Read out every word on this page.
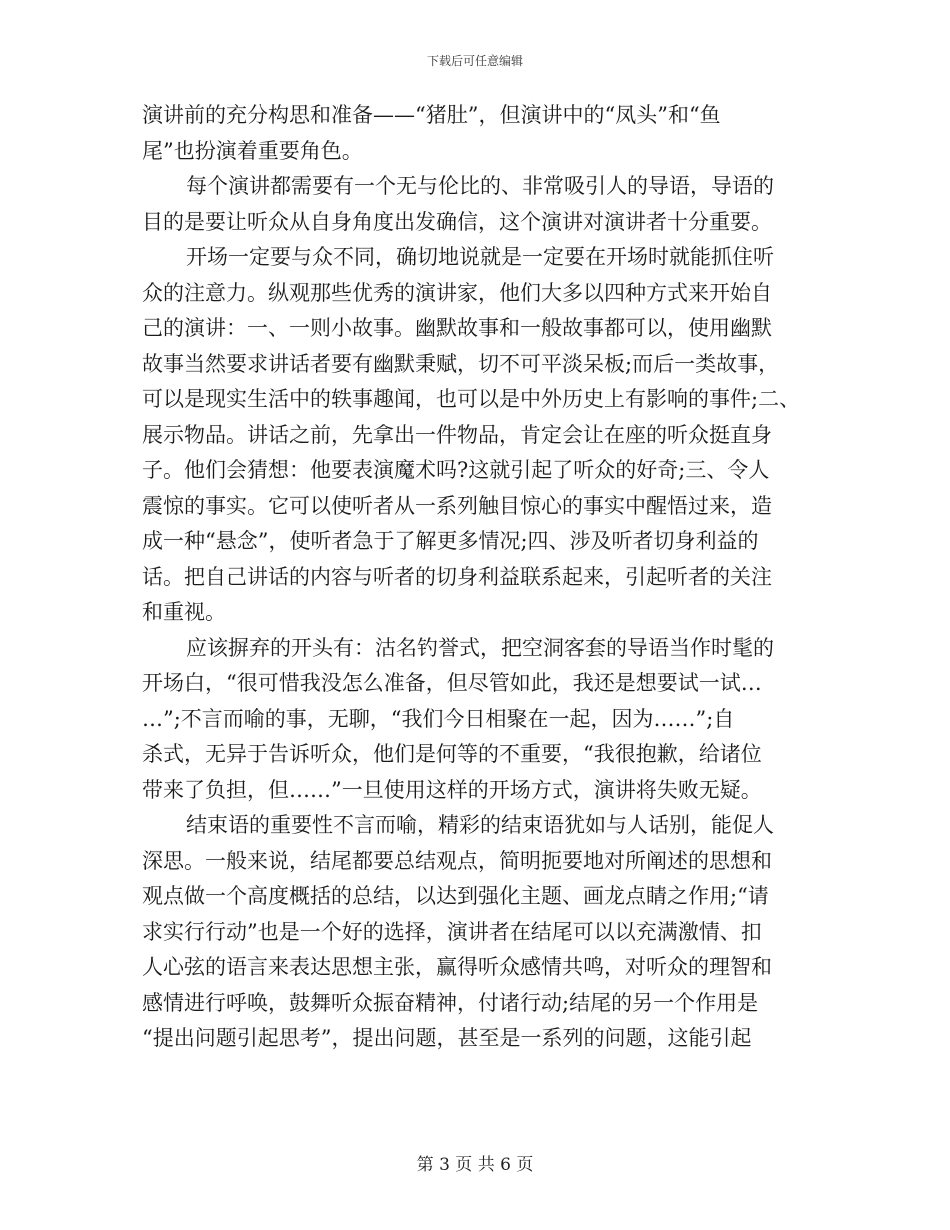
下载后可任意编辑
演讲前的充分构思和准备——“猪肚”，但演讲中的“凤头”和“鱼
尾”也扮演着重要角色。
每个演讲都需要有一个无与伦比的、非常吸引人的导语，导语的
目的是要让听众从自身角度出发确信，这个演讲对演讲者十分重要。
开场一定要与众不同，确切地说就是一定要在开场时就能抓住听
众的注意力。纵观那些优秀的演讲家，他们大多以四种方式来开始自
己的演讲：一、一则小故事。幽默故事和一般故事都可以，使用幽默
故事当然要求讲话者要有幽默秉赋，切不可平淡呆板;而后一类故事，
可以是现实生活中的轶事趣闻，也可以是中外历史上有影响的事件;二、
展示物品。讲话之前，先拿出一件物品，肯定会让在座的听众挺直身
子。他们会猜想：他要表演魔术吗?这就引起了听众的好奇;三、令人
震惊的事实。它可以使听者从一系列触目惊心的事实中醒悟过来，造
成一种“悬念”，使听者急于了解更多情况;四、涉及听者切身利益的
话。把自己讲话的内容与听者的切身利益联系起来，引起听者的关注
和重视。
应该摒弃的开头有：沽名钓誉式，把空洞客套的导语当作时髦的
开场白，“很可惜我没怎么准备，但尽管如此，我还是想要试一试…
…”;不言而喻的事，无聊，“我们今日相聚在一起，因为……”;自
杀式，无异于告诉听众，他们是何等的不重要，“我很抱歉，给诸位
带来了负担，但……”一旦使用这样的开场方式，演讲将失败无疑。
结束语的重要性不言而喻，精彩的结束语犹如与人话别，能促人
深思。一般来说，结尾都要总结观点，简明扼要地对所阐述的思想和
观点做一个高度概括的总结，以达到强化主题、画龙点睛之作用;“请
求实行行动”也是一个好的选择，演讲者在结尾可以以充满激情、扣
人心弦的语言来表达思想主张，赢得听众感情共鸣，对听众的理智和
感情进行呼唤，鼓舞听众振奋精神，付诸行动;结尾的另一个作用是
“提出问题引起思考”，提出问题，甚至是一系列的问题，这能引起
第 3 页 共 6 页
